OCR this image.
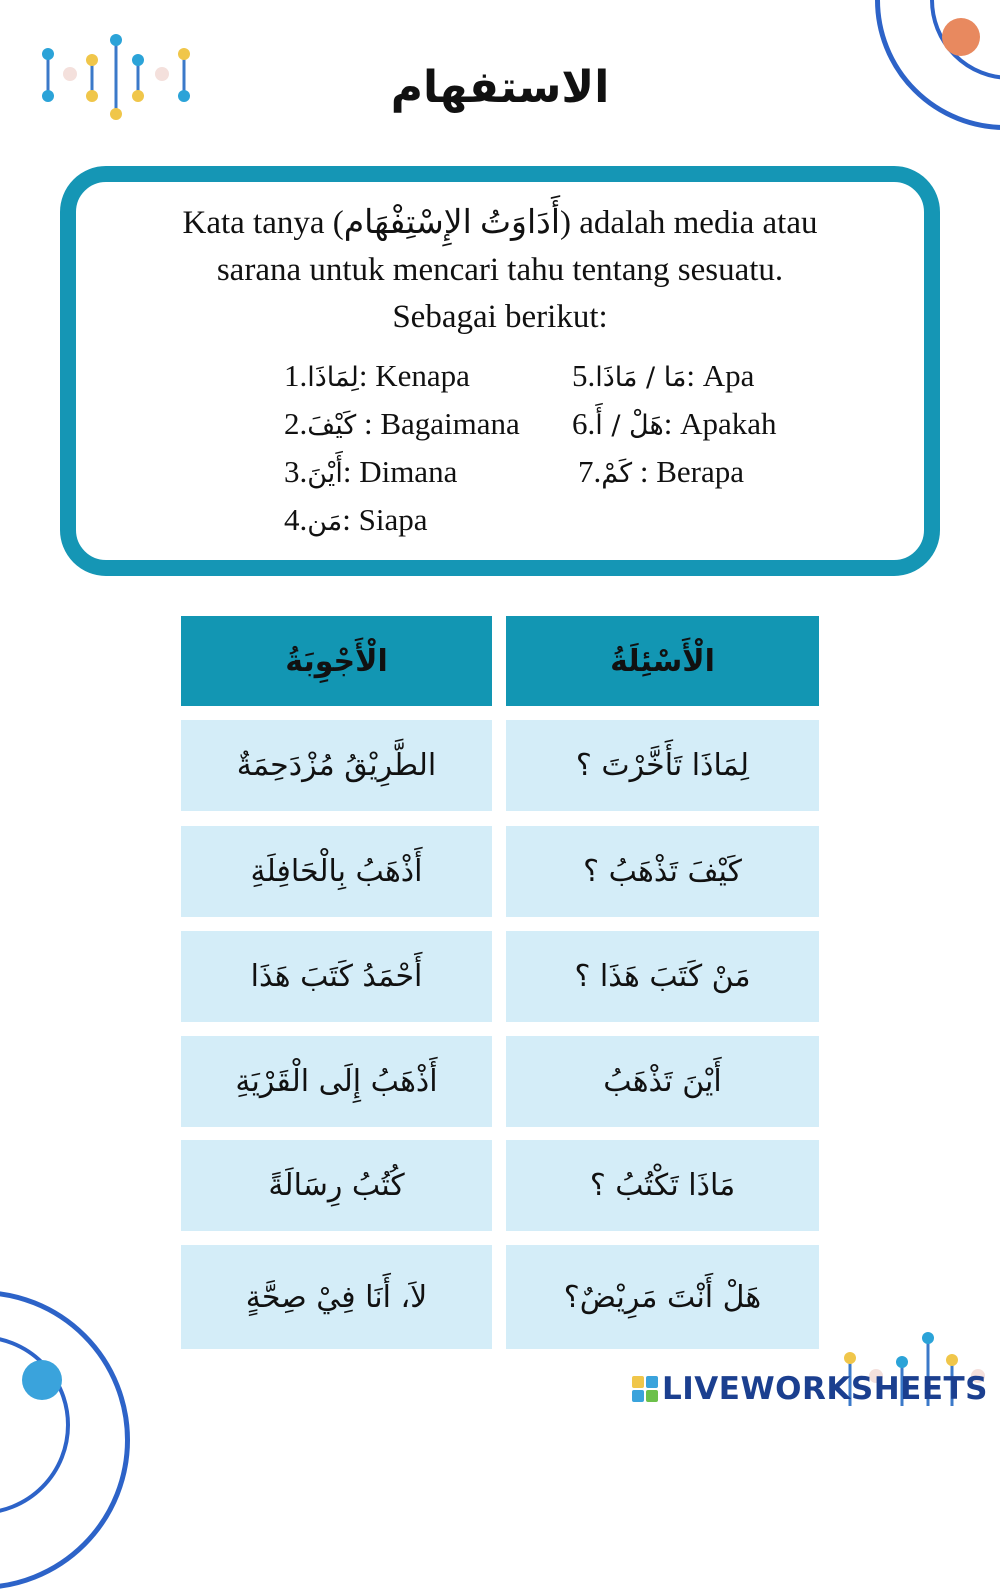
الاستفهام
Kata tanya (أَدَاوَتُ الإِسْتِفْهَام) adalah media atau
sarana untuk mencari tahu tentang sesuatu.
Sebagai berikut:
1.لِمَاذَا: Kenapa
2.كَيْفَ : Bagaimana
3.أَيْنَ: Dimana
4.مَن: Siapa
5.مَا / مَاذَا: Apa
6.هَلْ / أَ: Apakah
7.كَمْ : Berapa
الْأَجْوِبَةُ	الْأَسْئِلَةُ
الطَّرِيْقُ مُزْدَحِمَةٌ	لِمَاذَا تَأَخَّرْتَ ؟
أَذْهَبُ بِالْحَافِلَةِ	كَيْفَ تَذْهَبُ ؟
أَحْمَدُ كَتَبَ هَذَا	مَنْ كَتَبَ هَذَا ؟
أَذْهَبُ إِلَى الْقَرْيَةِ	أَيْنَ تَذْهَبُ
كُتُبُ رِسَالَةً	مَاذَا تَكْتُبُ ؟
لاَ، أَنَا فِيْ صِحَّةٍ	هَلْ أَنْتَ مَرِيْضٌ؟
LIVEWORKSHEETS
